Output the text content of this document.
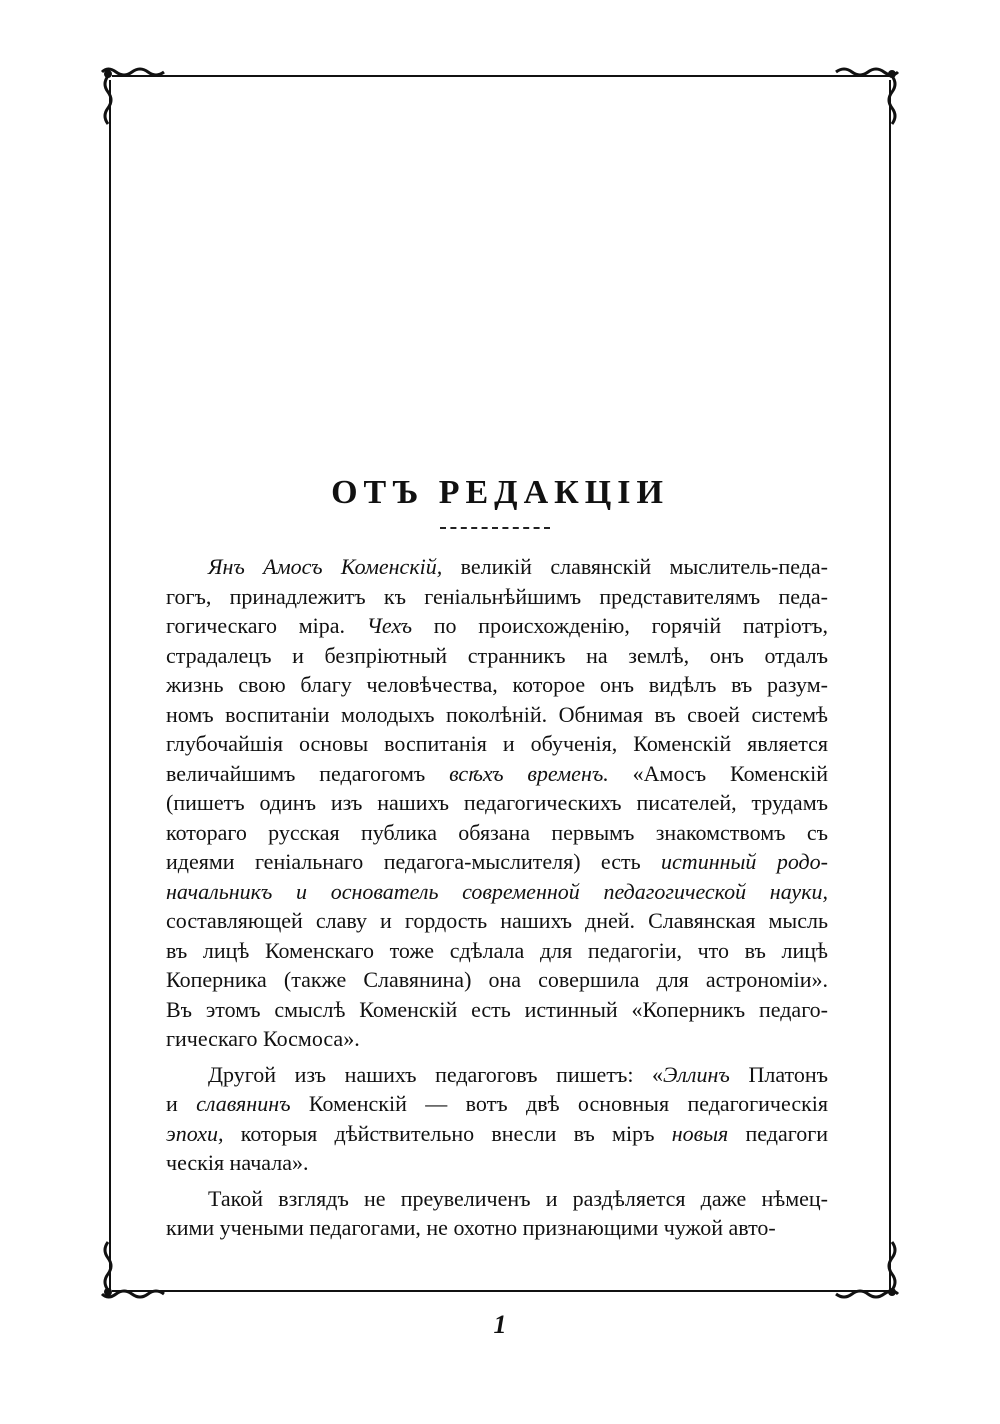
ОТЪ РЕДАКЦІИ
Янъ Амосъ Коменскій, великій славянскій мыслитель-педа-
гогъ, принадлежитъ къ геніальнѣйшимъ представителямъ педа-
гогическаго міра. Чехъ по происхожденію, горячій патріотъ,
страдалецъ и безпріютный странникъ на землѣ, онъ отдалъ
жизнь свою благу человѣчества, которое онъ видѣлъ въ разум-
номъ воспитаніи молодыхъ поколѣній. Обнимая въ своей системѣ
глубочайшія основы воспитанія и обученія, Коменскій является
величайшимъ педагогомъ всѣхъ временъ. «Амосъ Коменскій
(пишетъ одинъ изъ нашихъ педагогическихъ писателей, трудамъ
котораго русская публика обязана первымъ знакомствомъ съ
идеями геніальнаго педагога-мыслителя) есть истинный родо-
начальникъ и основатель современной педагогической науки,
составляющей славу и гордость нашихъ дней. Славянская мысль
въ лицѣ Коменскаго тоже сдѣлала для педагогіи, что въ лицѣ
Коперника (также Славянина) она совершила для астрономіи».
Въ этомъ смыслѣ Коменскій есть истинный «Коперникъ педаго-
гическаго Космоса».
Другой изъ нашихъ педагоговъ пишетъ: «Эллинъ Платонъ
и славянинъ Коменскій — вотъ двѣ основныя педагогическія
эпохи, которыя дѣйствительно внесли въ міръ новыя педагоги
ческія начала».
Такой взглядъ не преувеличенъ и раздѣляется даже нѣмец-
кими учеными педагогами, не охотно признающими чужой авто-
1
